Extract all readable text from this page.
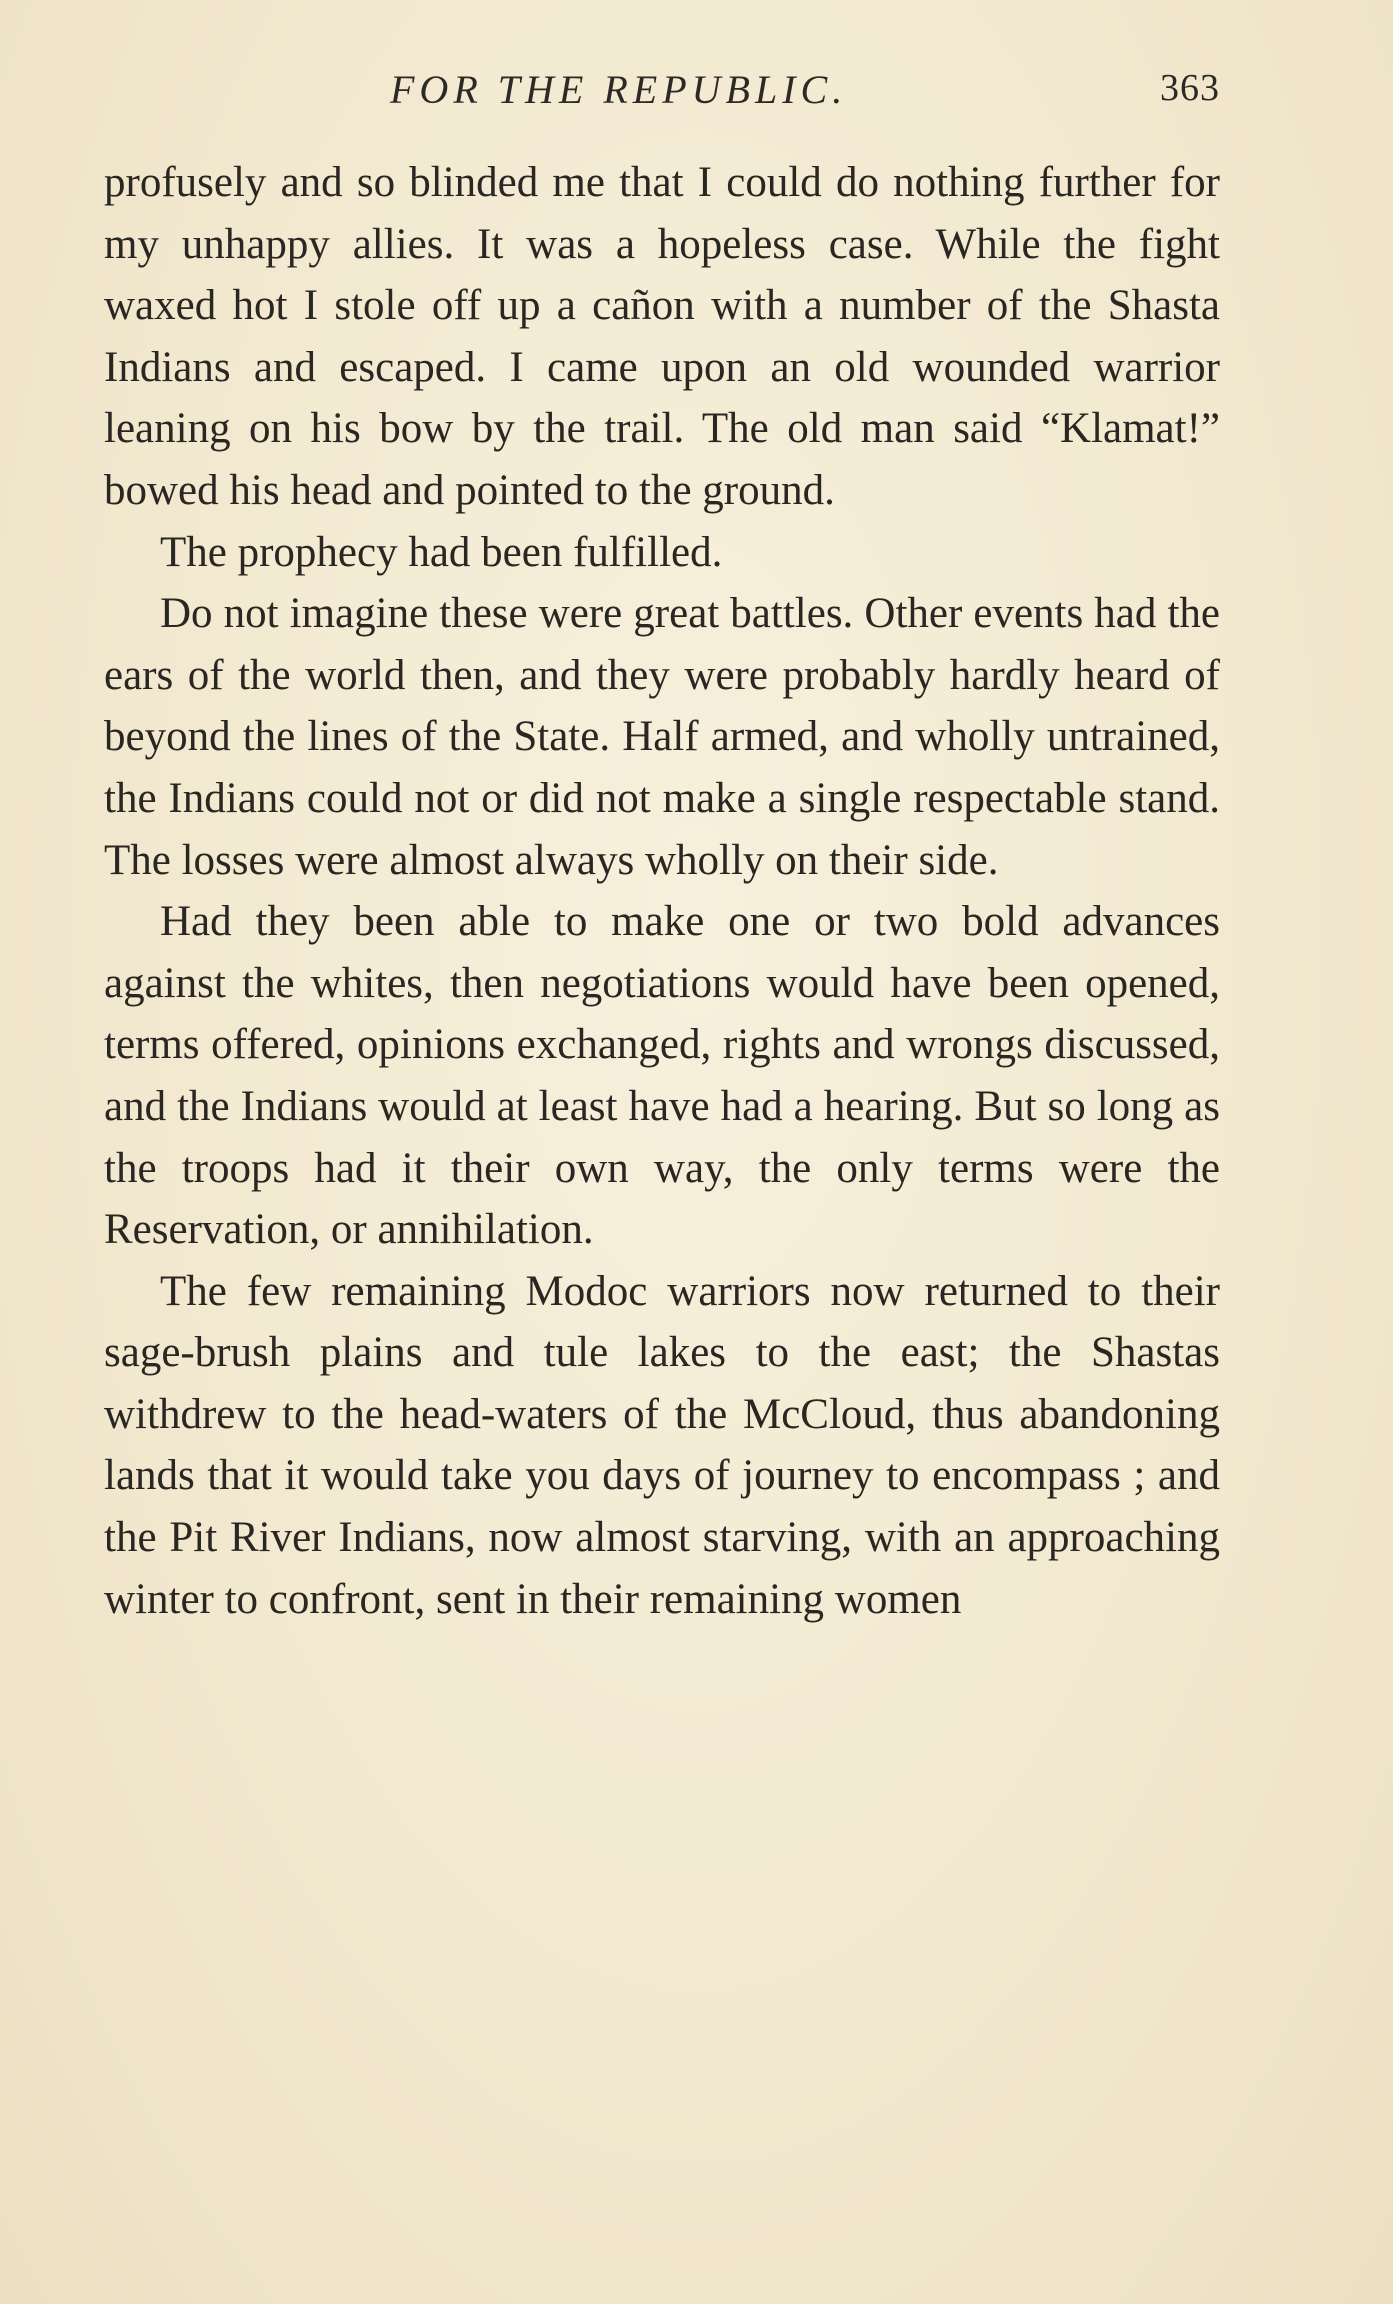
FOR THE REPUBLIC.	363

profusely and so blinded me that I could do nothing further for my unhappy allies. It was a hopeless case. While the fight waxed hot I stole off up a cañon with a number of the Shasta Indians and escaped. I came upon an old wounded warrior leaning on his bow by the trail. The old man said “Klamat!” bowed his head and pointed to the ground.

The prophecy had been fulfilled.

Do not imagine these were great battles. Other events had the ears of the world then, and they were probably hardly heard of beyond the lines of the State. Half armed, and wholly untrained, the Indians could not or did not make a single respectable stand. The losses were almost always wholly on their side.

Had they been able to make one or two bold advances against the whites, then negotiations would have been opened, terms offered, opinions exchanged, rights and wrongs discussed, and the Indians would at least have had a hearing. But so long as the troops had it their own way, the only terms were the Reservation, or annihilation.

The few remaining Modoc warriors now returned to their sage-brush plains and tule lakes to the east; the Shastas withdrew to the head-waters of the McCloud, thus abandoning lands that it would take you days of journey to encompass ; and the Pit River Indians, now almost starving, with an approaching winter to confront, sent in their remaining women
